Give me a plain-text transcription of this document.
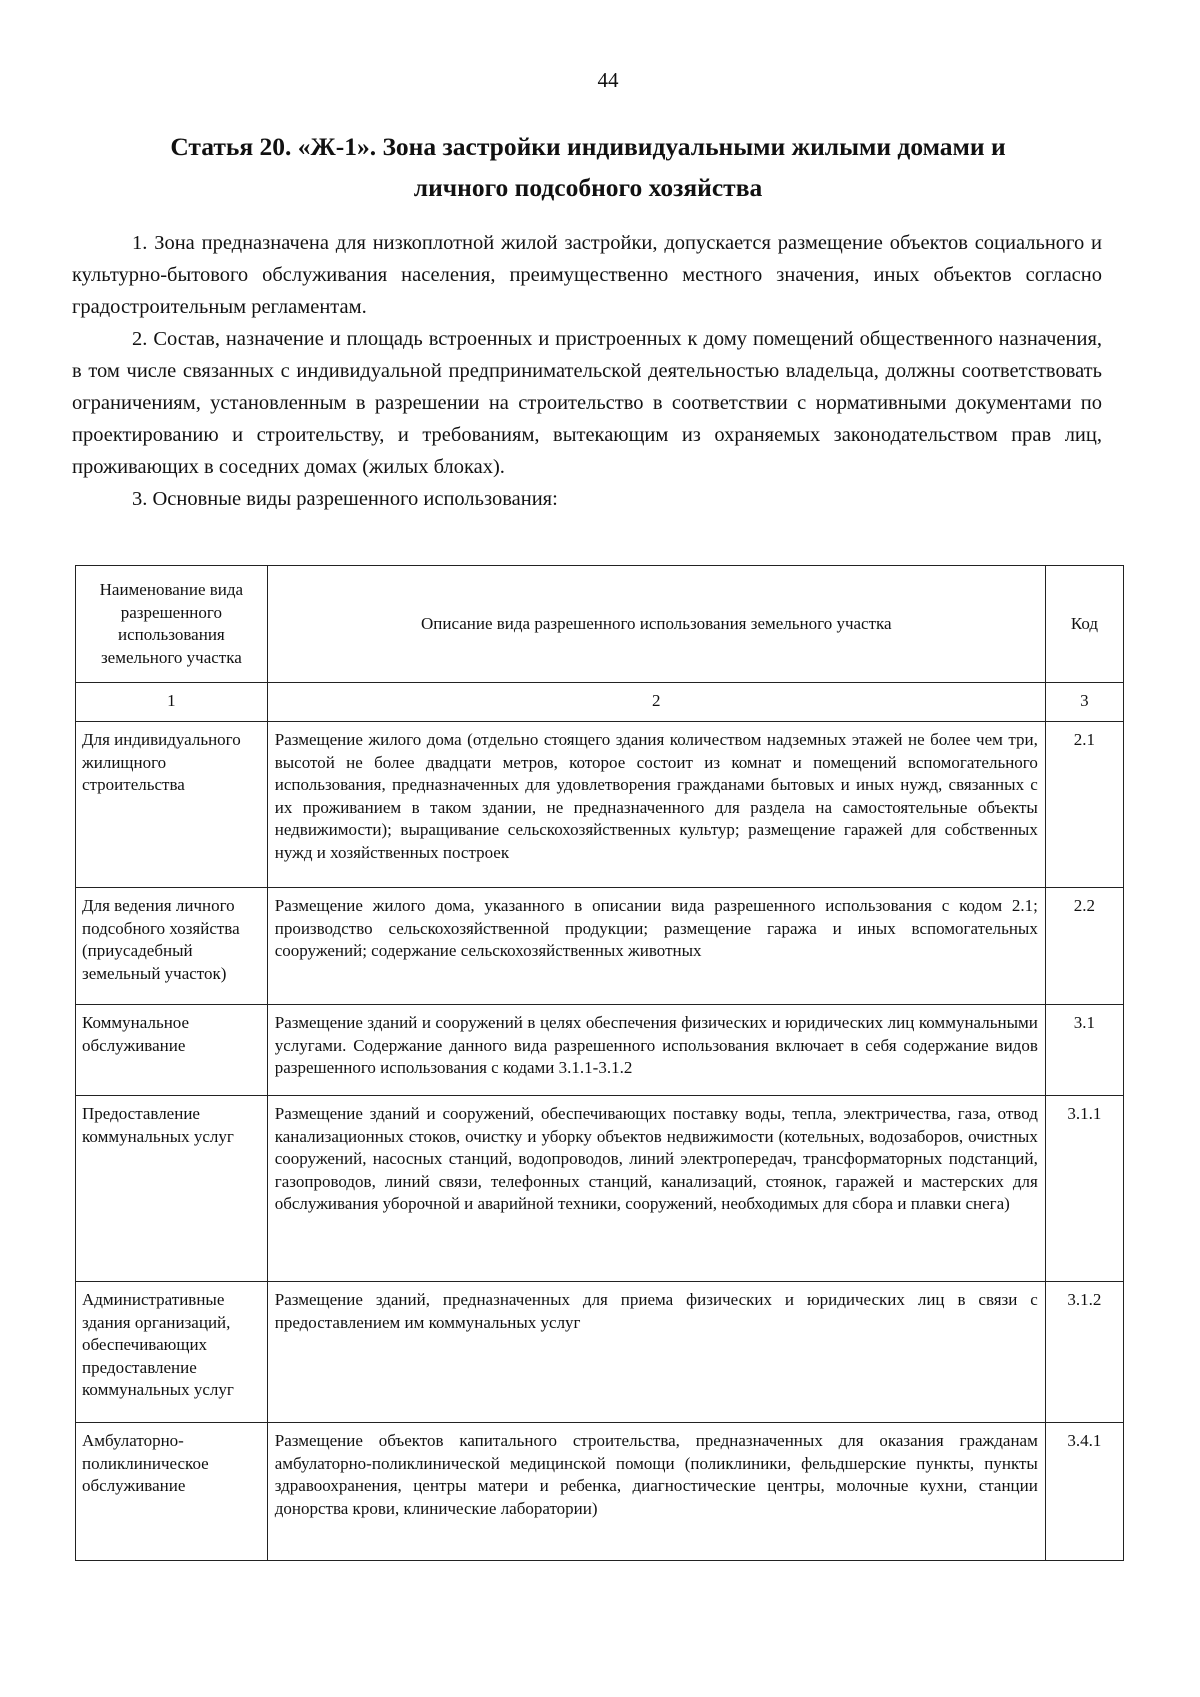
44
Статья 20. «Ж-1». Зона застройки индивидуальными жилыми домами и
личного подсобного хозяйства

1. Зона предназначена для низкоплотной жилой застройки, допускается размещение объектов социального и культурно-бытового обслуживания населения, преимущественно местного значения, иных объектов согласно градостроительным регламентам.

2. Состав, назначение и площадь встроенных и пристроенных к дому помещений общественного назначения, в том числе связанных с индивидуальной предпринимательской деятельностью владельца, должны соответствовать ограничениям, установленным в разрешении на строительство в соответствии с нормативными документами по проектированию и строительству, и требованиям, вытекающим из охраняемых законодательством прав лиц, проживающих в соседних домах (жилых блоках).

3. Основные виды разрешенного использования:

Наименование вида разрешенного использования земельного участка	Описание вида разрешенного использования земельного участка	Код
1	2	3
Для индивидуального жилищного строительства	Размещение жилого дома (отдельно стоящего здания количеством надземных этажей не более чем три, высотой не более двадцати метров, которое состоит из комнат и помещений вспомогательного использования, предназначенных для удовлетворения гражданами бытовых и иных нужд, связанных с их проживанием в таком здании, не предназначенного для раздела на самостоятельные объекты недвижимости); выращивание сельскохозяйственных культур; размещение гаражей для собственных нужд и хозяйственных построек	2.1
Для ведения личного подсобного хозяйства (приусадебный земельный участок)	Размещение жилого дома, указанного в описании вида разрешенного использования с кодом 2.1; производство сельскохозяйственной продукции; размещение гаража и иных вспомогательных сооружений; содержание сельскохозяйственных животных	2.2
Коммунальное обслуживание	Размещение зданий и сооружений в целях обеспечения физических и юридических лиц коммунальными услугами. Содержание данного вида разрешенного использования включает в себя содержание видов разрешенного использования с кодами 3.1.1-3.1.2	3.1
Предоставление коммунальных услуг	Размещение зданий и сооружений, обеспечивающих поставку воды, тепла, электричества, газа, отвод канализационных стоков, очистку и уборку объектов недвижимости (котельных, водозаборов, очистных сооружений, насосных станций, водопроводов, линий электропередач, трансформаторных подстанций, газопроводов, линий связи, телефонных станций, канализаций, стоянок, гаражей и мастерских для обслуживания уборочной и аварийной техники, сооружений, необходимых для сбора и плавки снега)	3.1.1
Административные здания организаций, обеспечивающих предоставление коммунальных услуг	Размещение зданий, предназначенных для приема физических и юридических лиц в связи с предоставлением им коммунальных услуг	3.1.2
Амбулаторно-поликлиническое обслуживание	Размещение объектов капитального строительства, предназначенных для оказания гражданам амбулаторно-поликлинической медицинской помощи (поликлиники, фельдшерские пункты, пункты здравоохранения, центры матери и ребенка, диагностические центры, молочные кухни, станции донорства крови, клинические лаборатории)	3.4.1
